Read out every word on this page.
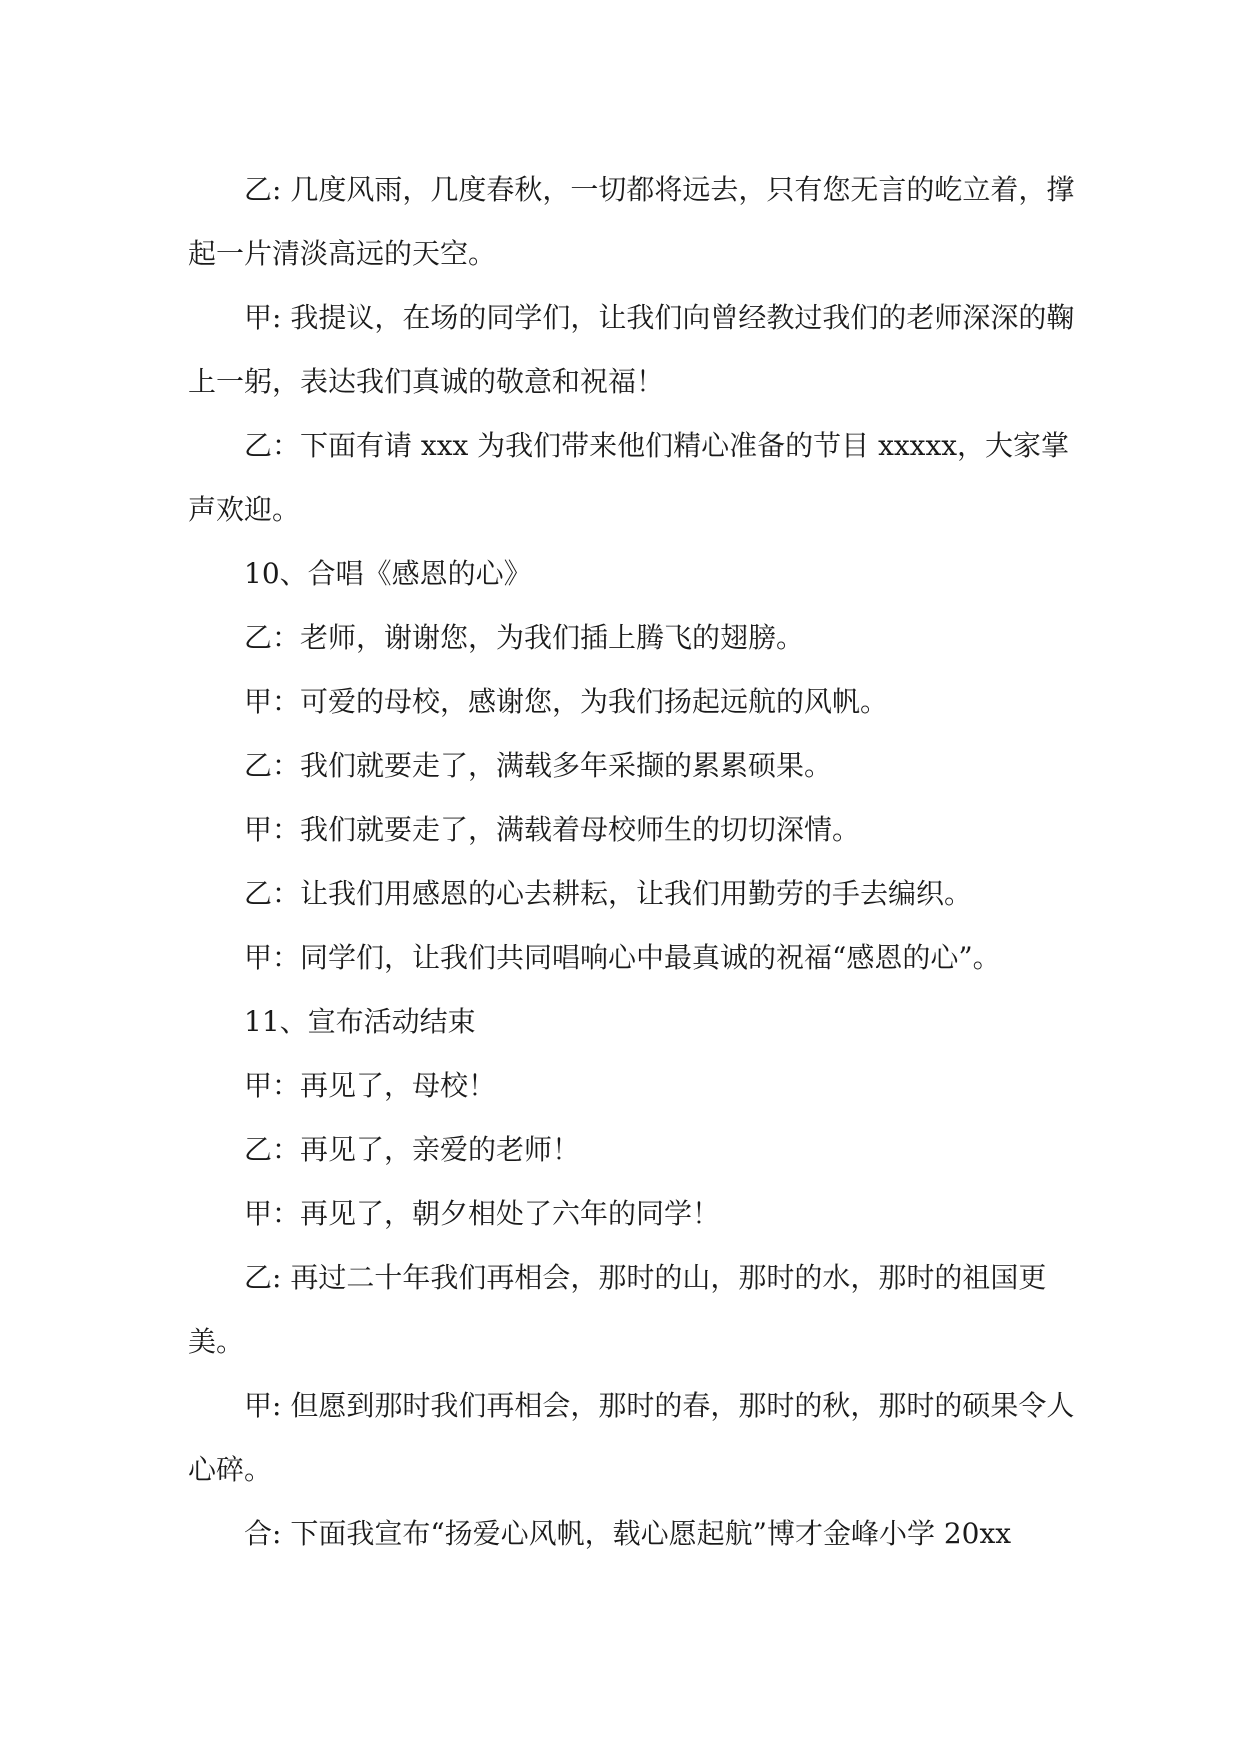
乙: 几度风雨，几度春秋，一切都将远去，只有您无言的屹立着，撑起一片清淡高远的天空。

甲: 我提议，在场的同学们，让我们向曾经教过我们的老师深深的鞠上一躬，表达我们真诚的敬意和祝福！

乙：下面有请 xxx 为我们带来他们精心准备的节目 xxxxx，大家掌声欢迎。

10、合唱《感恩的心》

乙：老师，谢谢您，为我们插上腾飞的翅膀。

甲：可爱的母校，感谢您，为我们扬起远航的风帆。

乙：我们就要走了，满载多年采撷的累累硕果。

甲：我们就要走了，满载着母校师生的切切深情。

乙：让我们用感恩的心去耕耘，让我们用勤劳的手去编织。

甲：同学们，让我们共同唱响心中最真诚的祝福“感恩的心”。

11、宣布活动结束

甲：再见了，母校！

乙：再见了，亲爱的老师！

甲：再见了，朝夕相处了六年的同学！

乙: 再过二十年我们再相会，那时的山，那时的水，那时的祖国更美。

甲: 但愿到那时我们再相会，那时的春，那时的秋，那时的硕果令人心碎。

合: 下面我宣布“扬爱心风帆，载心愿起航”博才金峰小学 20xx
